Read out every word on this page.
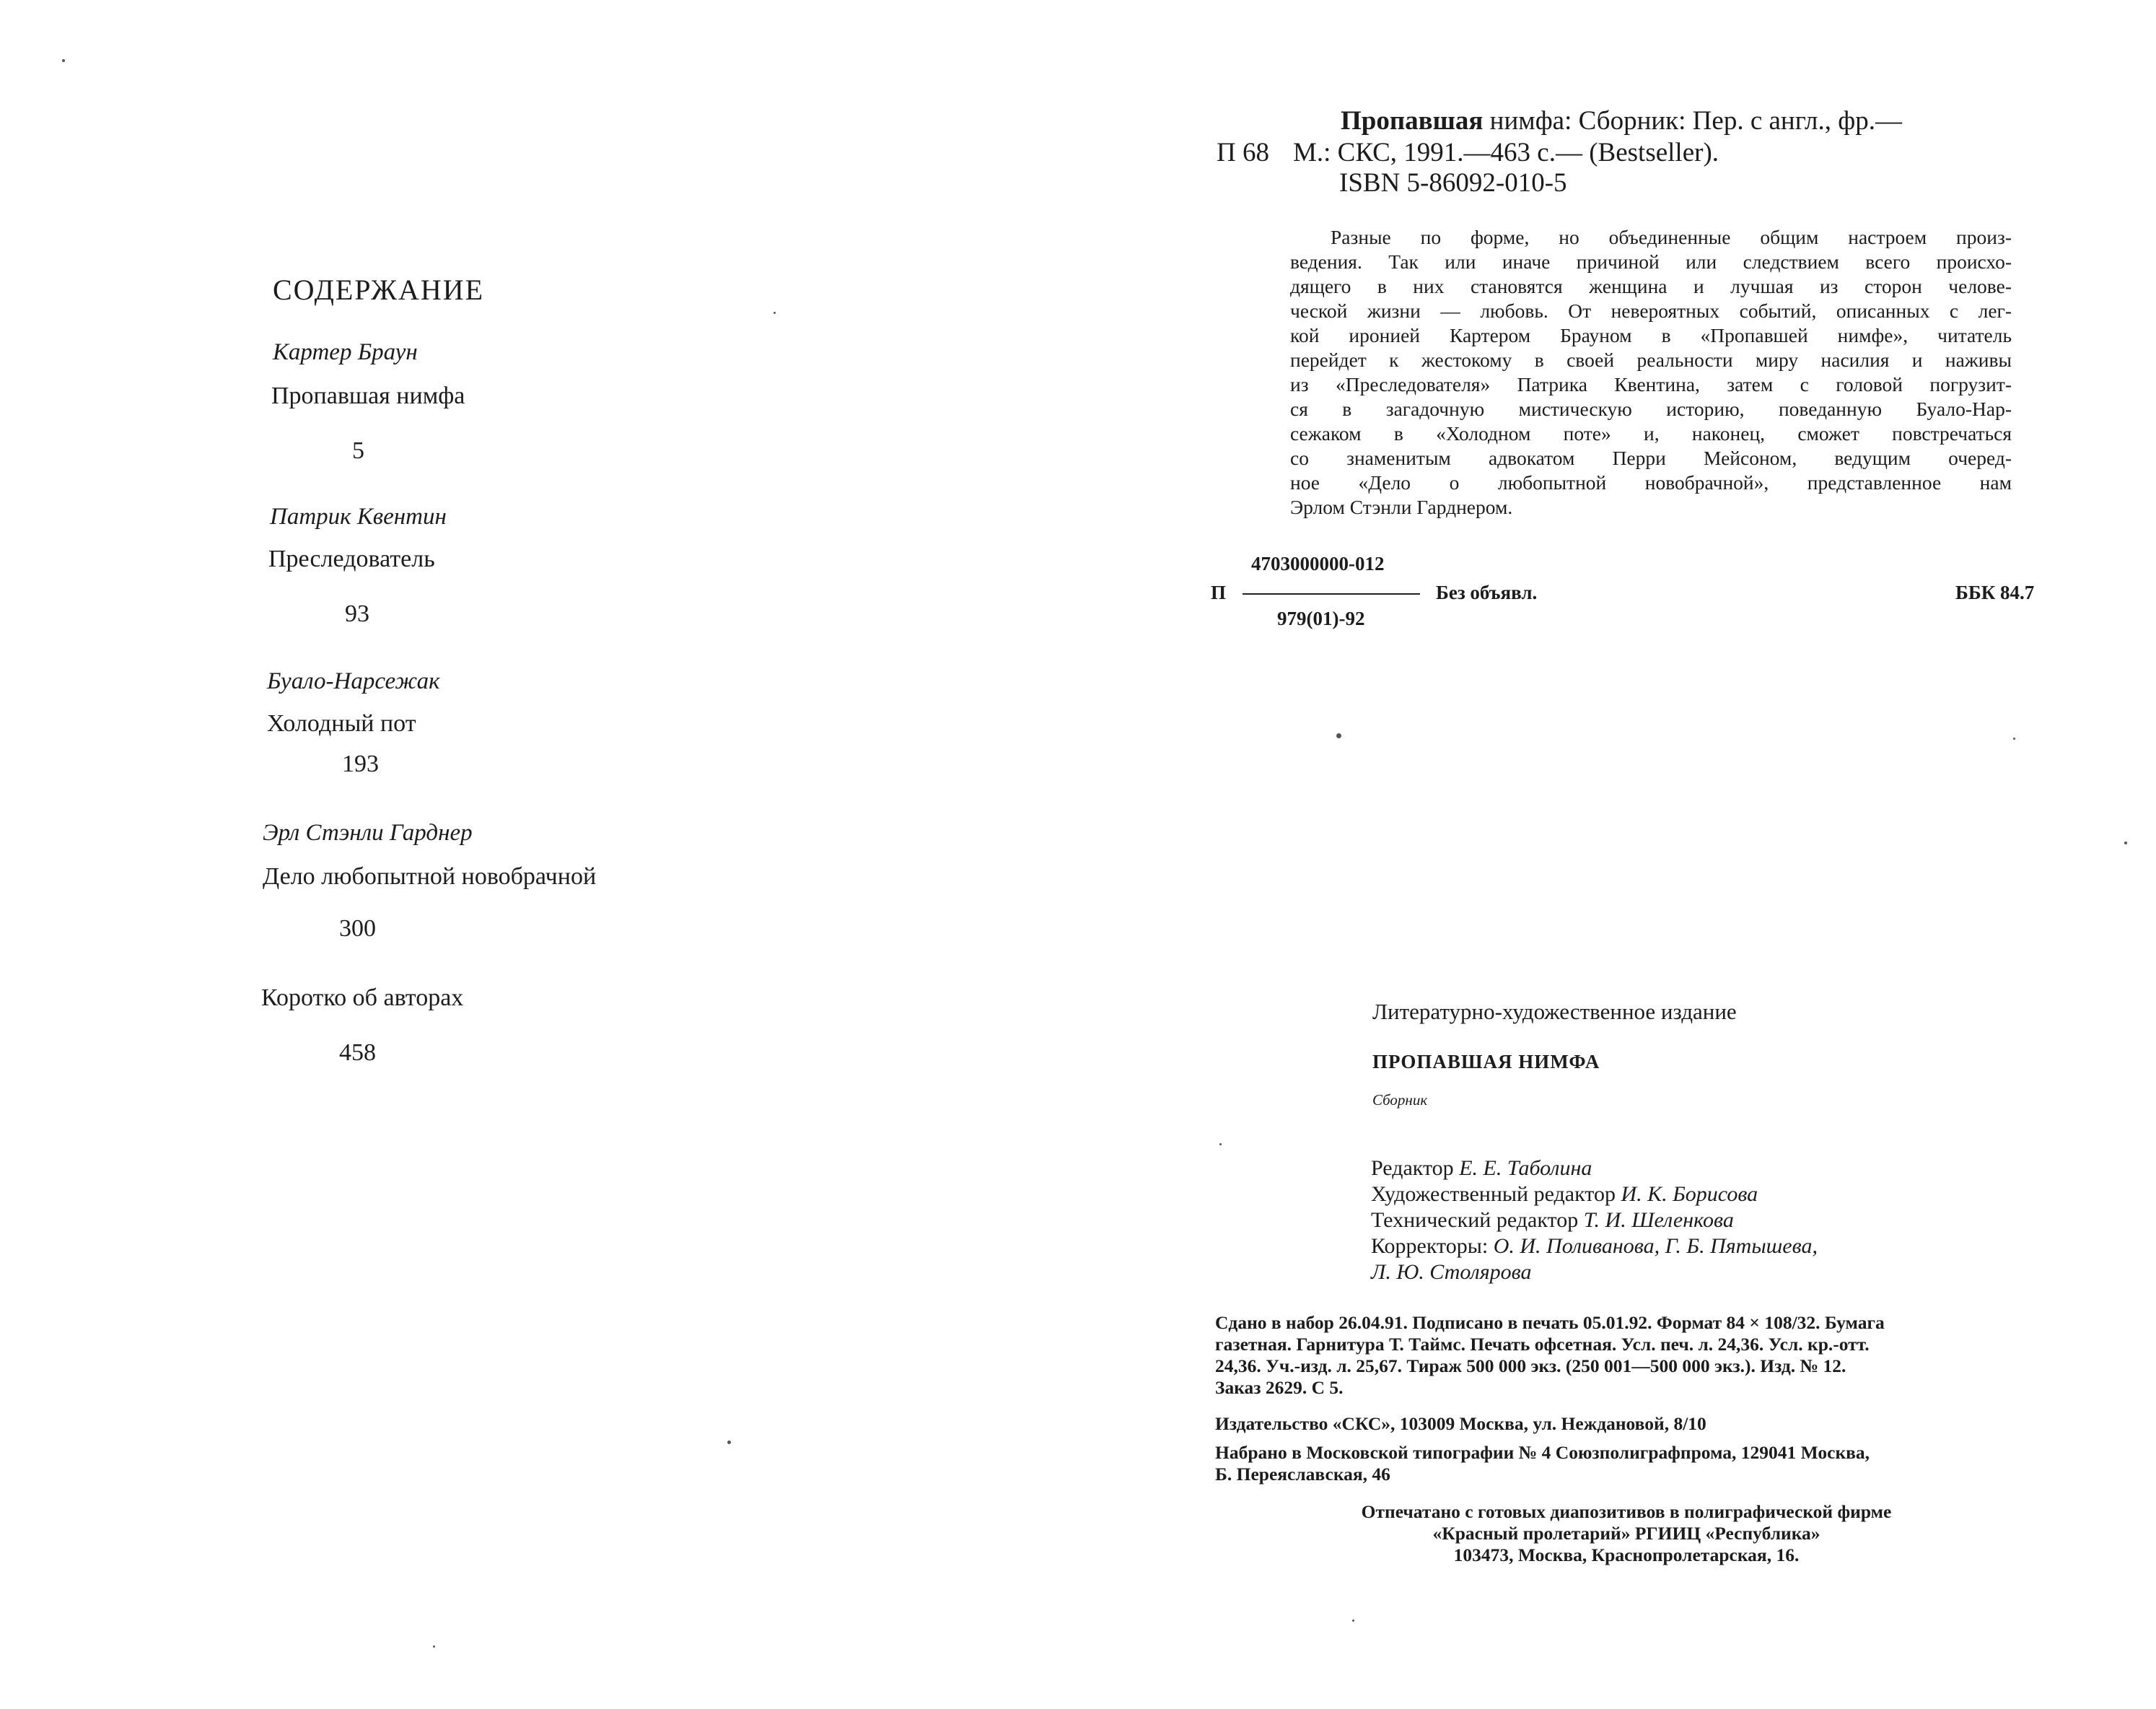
СОДЕРЖАНИЕ
Картер Браун
Пропавшая нимфа
5
Патрик Квентин
Преследователь
93
Буало-Нарсежак
Холодный пот
193
Эрл Стэнли Гарднер
Дело любопытной новобрачной
300
Коротко об авторах
458
Пропавшая нимфа: Сборник: Пер. с англ., фр.—
П 68 М.: СКС, 1991.—463 с.— (Bestseller).
ISBN 5-86092-010-5
Разные по форме, но объединенные общим настроем произ-
ведения. Так или иначе причиной или следствием всего происхо-
дящего в них становятся женщина и лучшая из сторон челове-
ческой жизни — любовь. От невероятных событий, описанных с лег-
кой иронией Картером Брауном в «Пропавшей нимфе», читатель
перейдет к жестокому в своей реальности миру насилия и наживы
из «Преследователя» Патрика Квентина, затем с головой погрузит-
ся в загадочную мистическую историю, поведанную Буало-Нар-
сежаком в «Холодном поте» и, наконец, сможет повстречаться
со знаменитым адвокатом Перри Мейсоном, ведущим очеред-
ное «Дело о любопытной новобрачной», представленное нам
Эрлом Стэнли Гарднером.
4703000000-012
П	Без объявл.	ББК 84.7
979(01)-92
Литературно-художественное издание
ПРОПАВШАЯ НИМФА
Сборник
Редактор Е. Е. Таболина
Художественный редактор И. К. Борисова
Технический редактор Т. И. Шеленкова
Корректоры: О. И. Поливанова, Г. Б. Пятышева,
Л. Ю. Столярова
Сдано в набор 26.04.91. Подписано в печать 05.01.92. Формат 84 × 108/32. Бумага
газетная. Гарнитура Т. Таймс. Печать офсетная. Усл. печ. л. 24,36. Усл. кр.-отт.
24,36. Уч.-изд. л. 25,67. Тираж 500 000 экз. (250 001—500 000 экз.). Изд. № 12.
Заказ 2629. С 5.
Издательство «СКС», 103009 Москва, ул. Неждановой, 8/10
Набрано в Московской типографии № 4 Союзполиграфпрома, 129041 Москва,
Б. Переяславская, 46
Отпечатано с готовых диапозитивов в полиграфической фирме
«Красный пролетарий» РГИИЦ «Республика»
103473, Москва, Краснопролетарская, 16.
